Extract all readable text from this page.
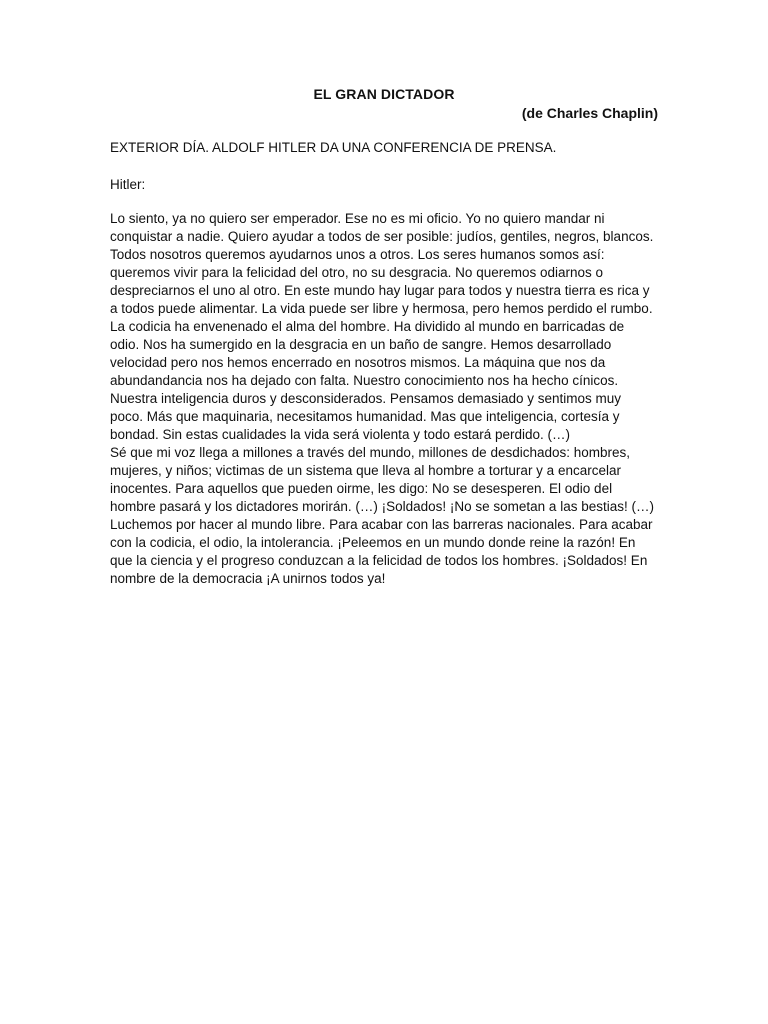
EL GRAN DICTADOR
(de Charles Chaplin)
EXTERIOR DÍA. ALDOLF HITLER DA UNA CONFERENCIA DE PRENSA.
Hitler:

Lo siento, ya no quiero ser emperador. Ese no es mi oficio. Yo no quiero mandar ni conquistar a nadie. Quiero ayudar a todos de ser posible: judíos, gentiles, negros, blancos. Todos nosotros queremos ayudarnos unos a otros. Los seres humanos somos así: queremos vivir para la felicidad del otro, no su desgracia. No queremos odiarnos o despreciarnos el uno al otro. En este mundo hay lugar para todos y nuestra tierra es rica y a todos puede alimentar. La vida puede ser libre y hermosa, pero hemos perdido el rumbo. La codicia ha envenenado el alma del hombre. Ha dividido al mundo en barricadas de odio. Nos ha sumergido en la desgracia en un baño de sangre. Hemos desarrollado velocidad pero nos hemos encerrado en nosotros mismos. La máquina que nos da abundandancia nos ha dejado con falta. Nuestro conocimiento nos ha hecho cínicos. Nuestra inteligencia duros y desconsiderados. Pensamos demasiado y sentimos muy poco. Más que maquinaria, necesitamos humanidad. Mas que inteligencia, cortesía y bondad. Sin estas cualidades la vida será violenta y todo estará perdido. (…)

Sé que mi voz llega a millones a través del mundo, millones de desdichados: hombres, mujeres, y niños; victimas de un sistema que lleva al hombre a torturar y a encarcelar inocentes. Para aquellos que pueden oirme, les digo: No se desesperen. El odio del hombre pasará y los dictadores morirán. (…) ¡Soldados! ¡No se sometan a las bestias! (…) Luchemos por hacer al mundo libre. Para acabar con las barreras nacionales. Para acabar con la codicia, el odio, la intolerancia. ¡Peleemos en un mundo donde reine la razón! En que la ciencia y el progreso conduzcan a la felicidad de todos los hombres. ¡Soldados! En nombre de la democracia ¡A unirnos todos ya!
